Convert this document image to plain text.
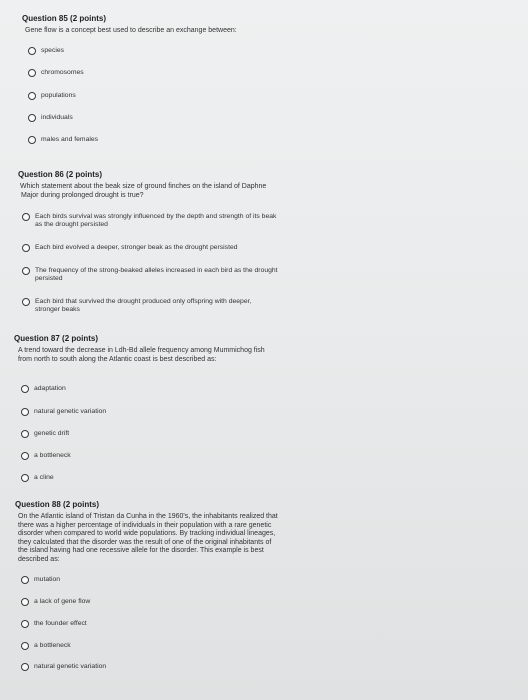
Question 85 (2 points)
Gene flow is a concept best used to describe an exchange between:
species
chromosomes
populations
individuals
males and females
Question 86 (2 points)
Which statement about the beak size of ground finches on the island of Daphne
Major during prolonged drought is true?
Each birds survival was strongly influenced by the depth and strength of its beak
as the drought persisted
Each bird evolved a deeper, stronger beak as the drought persisted
The frequency of the strong-beaked alleles increased in each bird as the drought
persisted
Each bird that survived the drought produced only offspring with deeper,
stronger beaks
Question 87 (2 points)
A trend toward the decrease in Ldh-Bd allele frequency among Mummichog fish
from north to south along the Atlantic coast is best described as:
adaptation
natural genetic variation
genetic drift
a bottleneck
a cline
Question 88 (2 points)
On the Atlantic island of Tristan da Cunha in the 1960's, the inhabitants realized that
there was a higher percentage of individuals in their population with a rare genetic
disorder when compared to world wide populations. By tracking individual lineages,
they calculated that the disorder was the result of one of the original inhabitants of
the island having had one recessive allele for the disorder. This example is best
described as:
mutation
a lack of gene flow
the founder effect
a bottleneck
natural genetic variation
